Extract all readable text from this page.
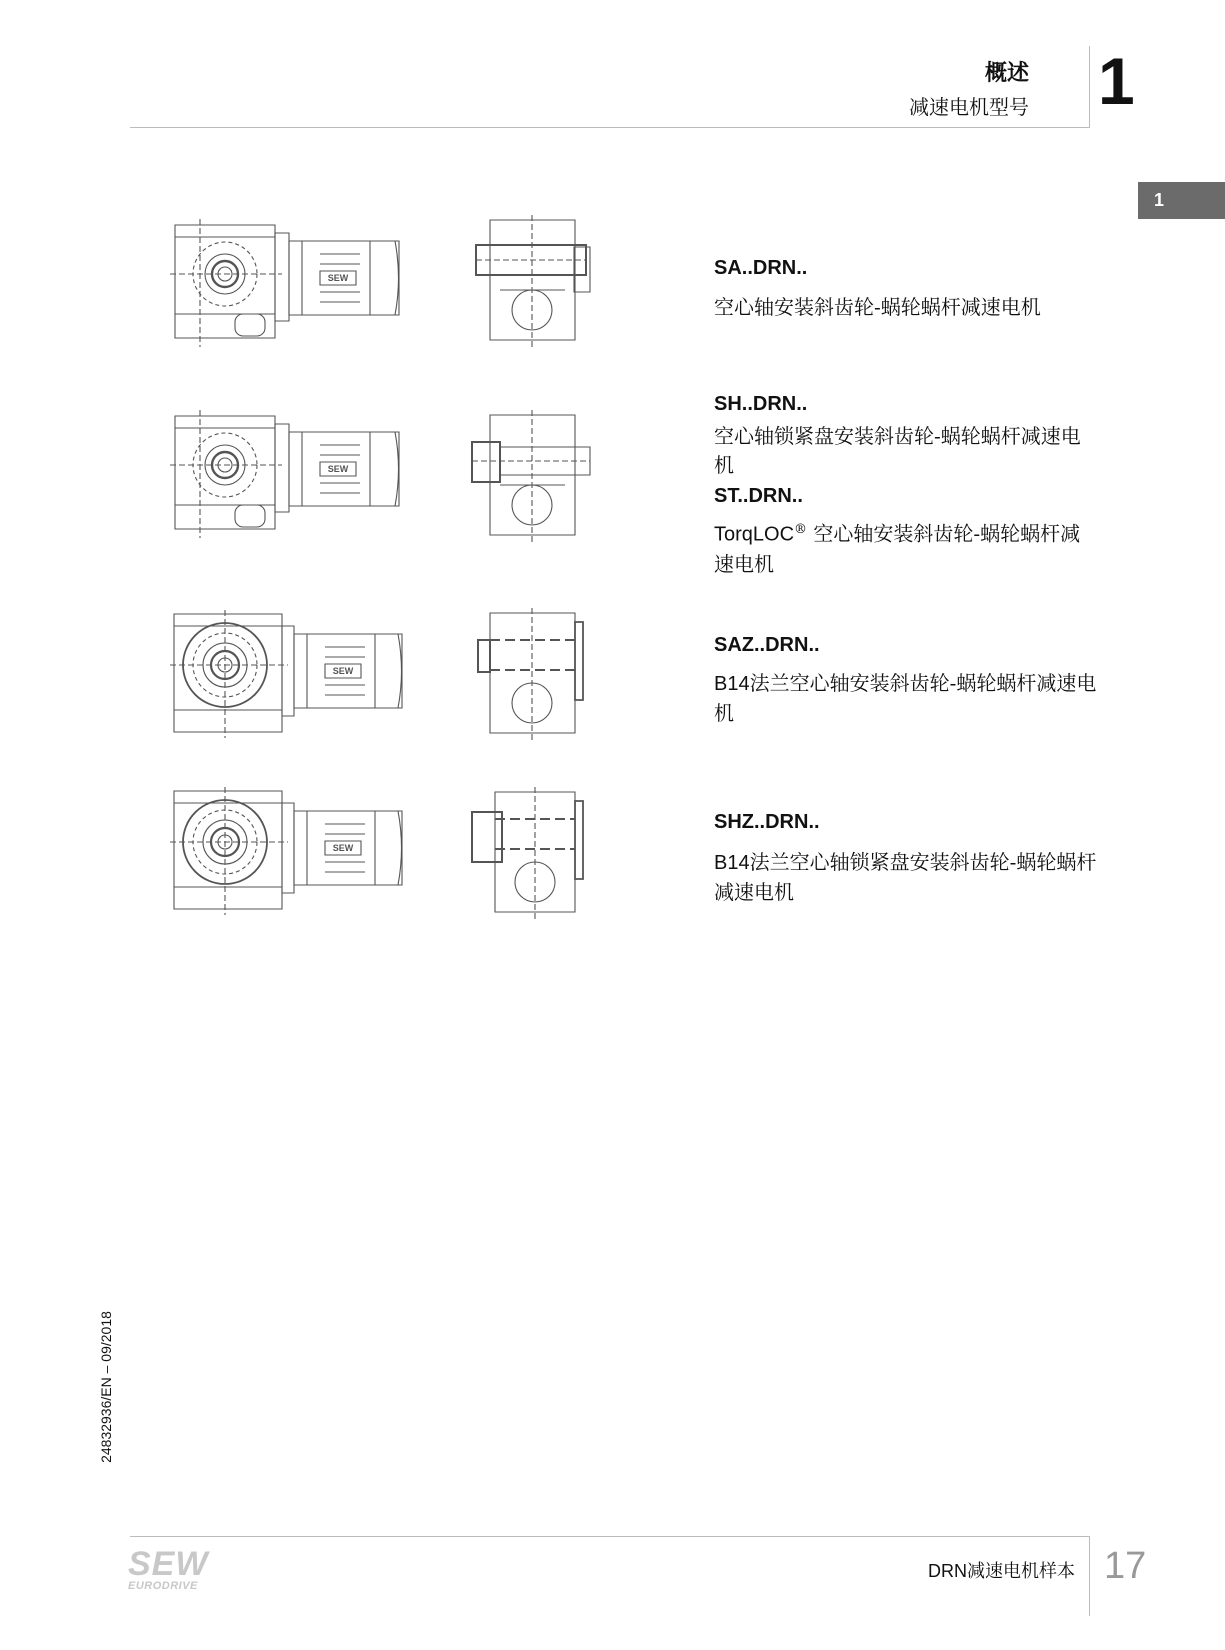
概述
减速电机型号 1
1
SEW	SA..DRN..
空心轴安装斜齿轮-蜗轮蜗杆减速电机
SEW
SH..DRN..
空心轴锁紧盘安装斜齿轮-蜗轮蜗杆减速电机
ST..DRN..
TorqLOC® 空心轴安装斜齿轮-蜗轮蜗杆减速电机
SEW
SAZ..DRN..
B14法兰空心轴安装斜齿轮-蜗轮蜗杆减速电机
SEW
SHZ..DRN..
B14法兰空心轴锁紧盘安装斜齿轮-蜗轮蜗杆减速电机
24832936/EN – 09/2018
SEW
EURODRIVE
DRN减速电机样本 17
